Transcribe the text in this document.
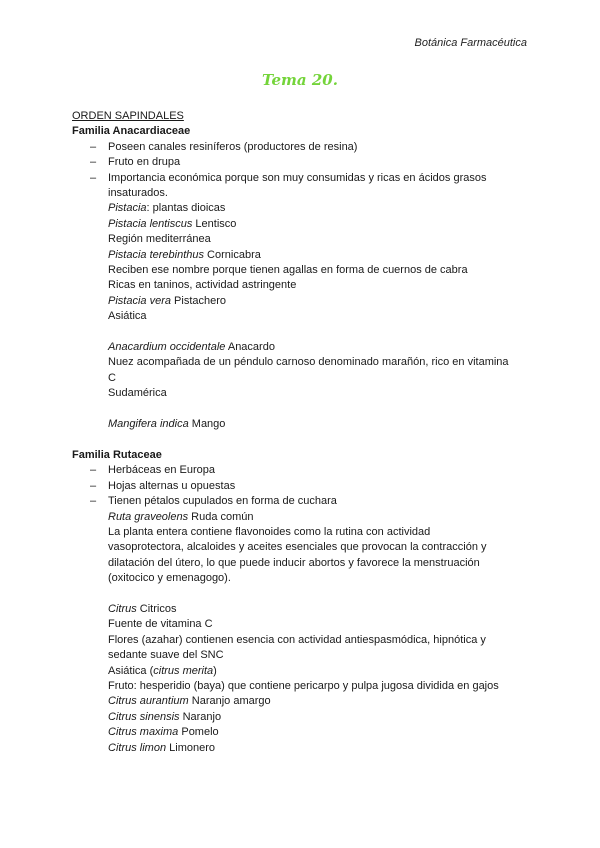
Botánica Farmacéutica
Tema 20.
ORDEN SAPINDALES
Familia Anacardiaceae
– Poseen canales resiníferos (productores de resina)
– Fruto en drupa
– Importancia económica porque son muy consumidas y ricas en ácidos grasos insaturados.
Pistacia: plantas dioicas
Pistacia lentiscus Lentisco
Región mediterránea
Pistacia terebinthus Cornicabra
Reciben ese nombre porque tienen agallas en forma de cuernos de cabra
Ricas en taninos, actividad astringente
Pistacia vera Pistachero
Asiática
Anacardium occidentale Anacardo
Nuez acompañada de un péndulo carnoso denominado marañón, rico en vitamina
C
Sudamérica
Mangifera indica Mango
Familia Rutaceae
– Herbáceas en Europa
– Hojas alternas u opuestas
– Tienen pétalos cupulados en forma de cuchara
Ruta graveolens Ruda común
La planta entera contiene flavonoides como la rutina con actividad
vasoprotectora, alcaloides y aceites esenciales que provocan la contracción y
dilatación del útero, lo que puede inducir abortos y favorece la menstruación
(oxitocico y emenagogo).
Citrus Citricos
Fuente de vitamina C
Flores (azahar) contienen esencia con actividad antiespasmódica, hipnótica y
sedante suave del SNC
Asiática (citrus merita)
Fruto: hesperidio (baya) que contiene pericarpo y pulpa jugosa dividida en gajos
Citrus aurantium Naranjo amargo
Citrus sinensis Naranjo
Citrus maxima Pomelo
Citrus limon Limonero
